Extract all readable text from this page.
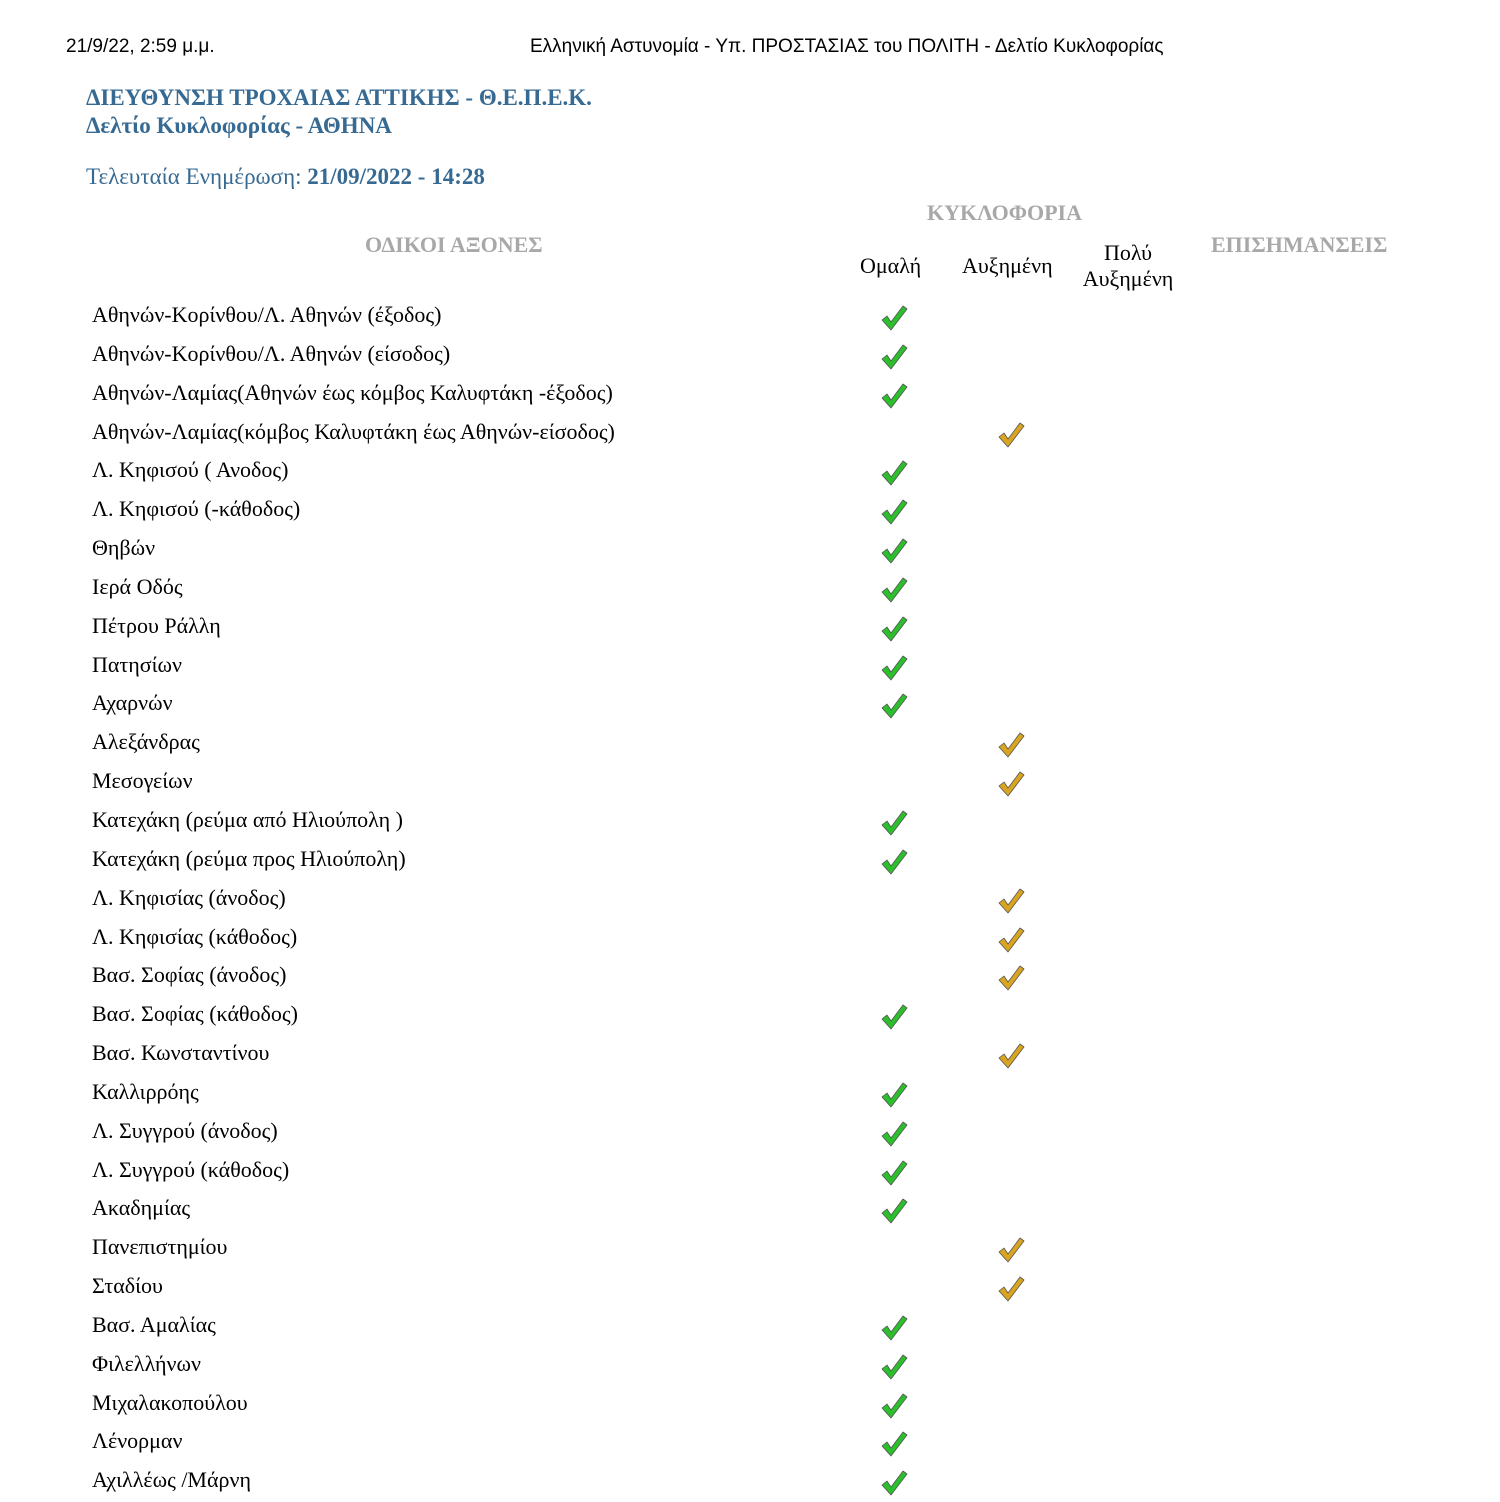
21/9/22, 2:59 μ.μ.	Ελληνική Αστυνομία - Υπ. ΠΡΟΣΤΑΣΙΑΣ του ΠΟΛΙΤΗ - Δελτίο Κυκλοφορίας
ΔΙΕΥΘΥΝΣΗ ΤΡΟΧΑΙΑΣ ΑΤΤΙΚΗΣ - Θ.Ε.Π.Ε.Κ.
Δελτίο Κυκλοφορίας - ΑΘΗΝΑ
Τελευταία Ενημέρωση: 21/09/2022 - 14:28
ΟΔΙΚΟΙ ΑΞΟΝΕΣ
ΚΥΚΛΟΦΟΡΙΑ
ΕΠΙΣΗΜΑΝΣΕΙΣ
Ομαλή Αυξημένη
Πολύ
Αυξημένη
Αθηνών-Κορίνθου/Λ. Αθηνών (έξοδος)
Αθηνών-Κορίνθου/Λ. Αθηνών (είσοδος)
Αθηνών-Λαμίας(Αθηνών έως κόμβος Καλυφτάκη -έξοδος)
Αθηνών-Λαμίας(κόμβος Καλυφτάκη έως Αθηνών-είσοδος)
Λ. Κηφισού ( Ανοδος)
Λ. Κηφισού (-κάθοδος)
Θηβών
Ιερά Οδός
Πέτρου Ράλλη
Πατησίων
Αχαρνών
Αλεξάνδρας
Μεσογείων
Κατεχάκη (ρεύμα από Ηλιούπολη )
Κατεχάκη (ρεύμα προς Ηλιούπολη)
Λ. Κηφισίας (άνοδος)
Λ. Κηφισίας (κάθοδος)
Βασ. Σοφίας (άνοδος)
Βασ. Σοφίας (κάθοδος)
Βασ. Κωνσταντίνου
Καλλιρρόης
Λ. Συγγρού (άνοδος)
Λ. Συγγρού (κάθοδος)
Ακαδημίας
Πανεπιστημίου
Σταδίου
Βασ. Αμαλίας
Φιλελλήνων
Μιχαλακοπούλου
Λένορμαν
Αχιλλέως /Μάρνη
